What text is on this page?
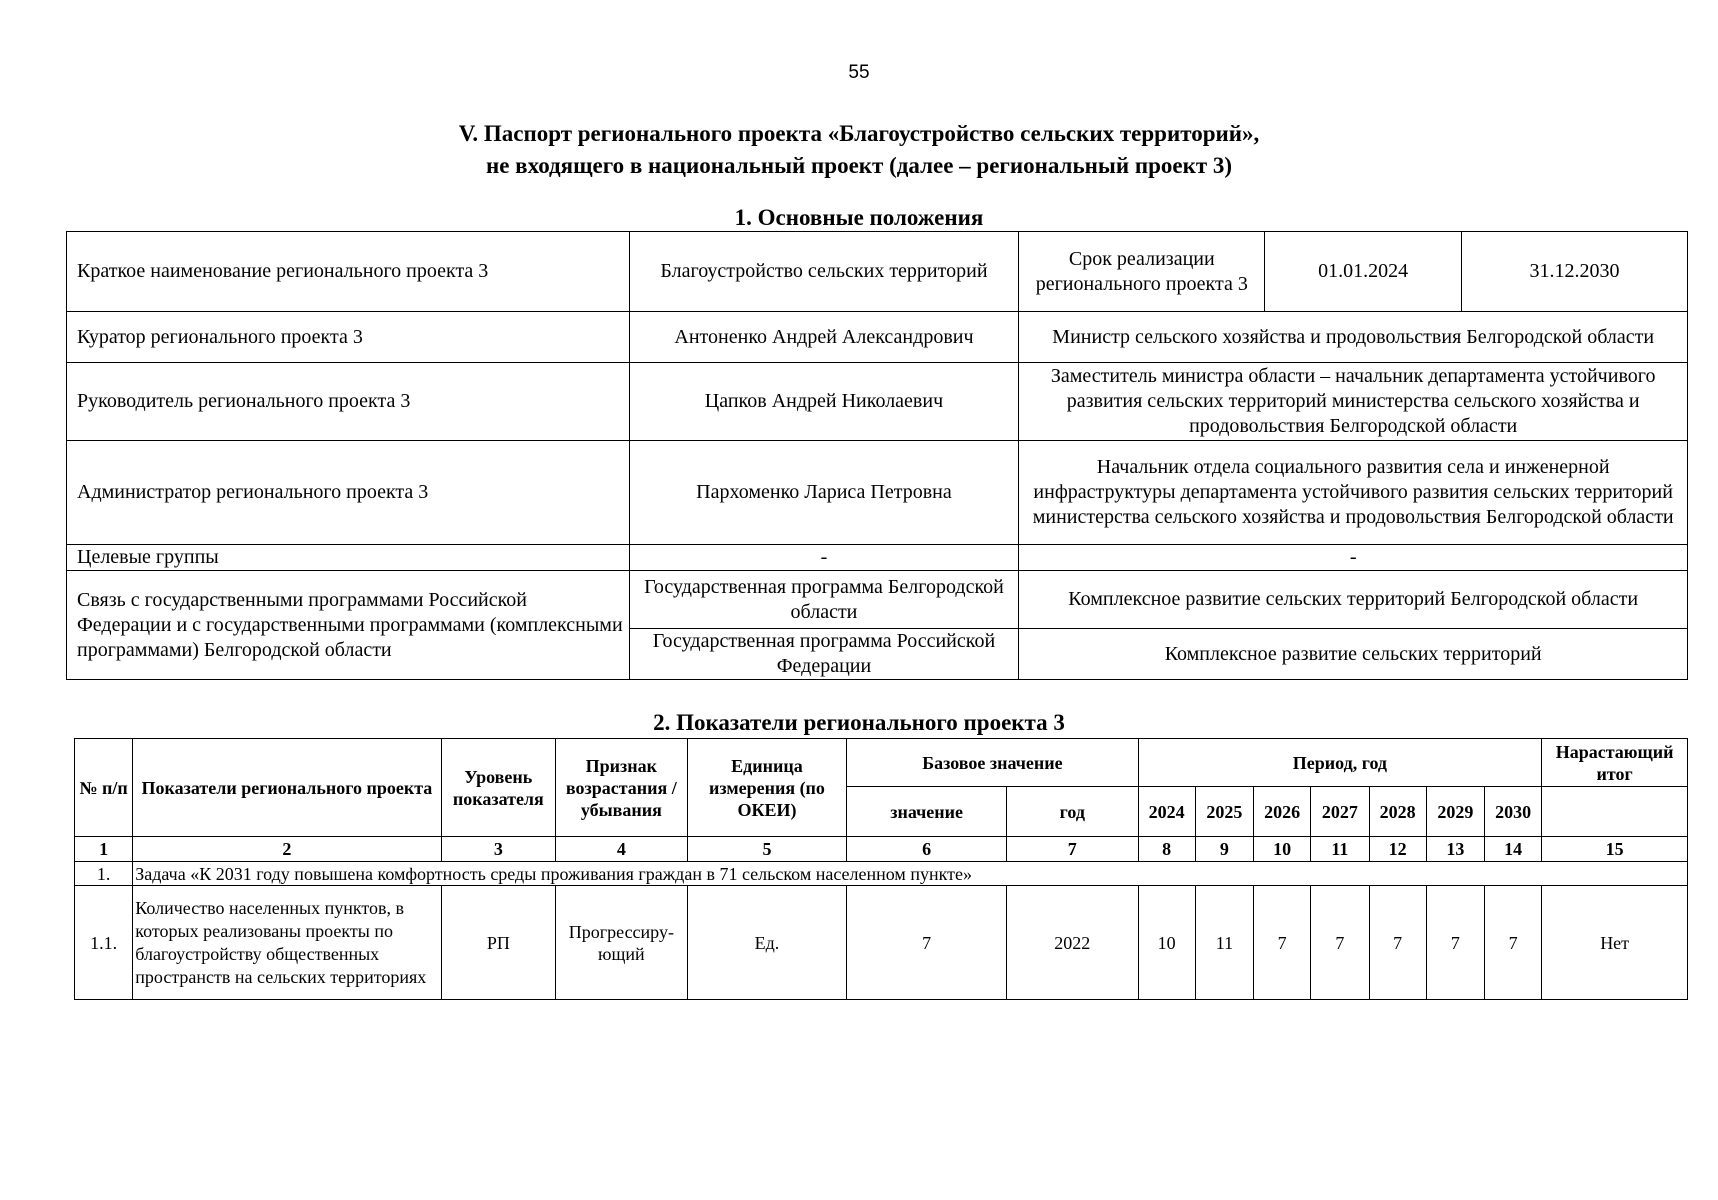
55
V. Паспорт регионального проекта «Благоустройство сельских территорий»,
не входящего в национальный проект (далее – региональный проект 3)
1. Основные положения
Краткое наименование регионального проекта 3	Благоустройство сельских территорий	Срок реализации регионального проекта 3	01.01.2024	31.12.2030
Куратор регионального проекта 3	Антоненко Андрей Александрович	Министр сельского хозяйства и продовольствия Белгородской области		
Руководитель регионального проекта 3	Цапков Андрей Николаевич	Заместитель министра области – начальник департамента устойчивого развития сельских территорий министерства сельского хозяйства и продовольствия Белгородской области		
Администратор регионального проекта 3	Пархоменко Лариса Петровна	Начальник отдела социального развития села и инженерной инфраструктуры департамента устойчивого развития сельских территорий министерства сельского хозяйства и продовольствия Белгородской области		
Целевые группы	-	-		
Связь с государственными программами Российской Федерации и с государственными программами (комплексными программами) Белгородской области	Государственная программа Белгородской области	Комплексное развитие сельских территорий Белгородской области		
	Государственная программа Российской Федерации	Комплексное развитие сельских территорий		
2. Показатели регионального проекта 3
№ п/п	Показатели регионального проекта	Уровень показателя	Признак возрастания / убывания	Единица измерения (по ОКЕИ)	Базовое значение		Период, год							Нарастающий итог
					значение	год	2024	2025	2026	2027	2028	2029	2030	
1	2	3	4	5	6	7	8	9	10	11	12	13	14	15
1.	Задача «К 2031 году повышена комфортность среды проживания граждан в 71 сельском населенном пункте»													
1.1.	Количество населенных пунктов, в которых реализованы проекты по благоустройству общественных пространств на сельских территориях	РП	Прогрессиру-ющий	Ед.	7	2022	10	11	7	7	7	7	7	Нет
